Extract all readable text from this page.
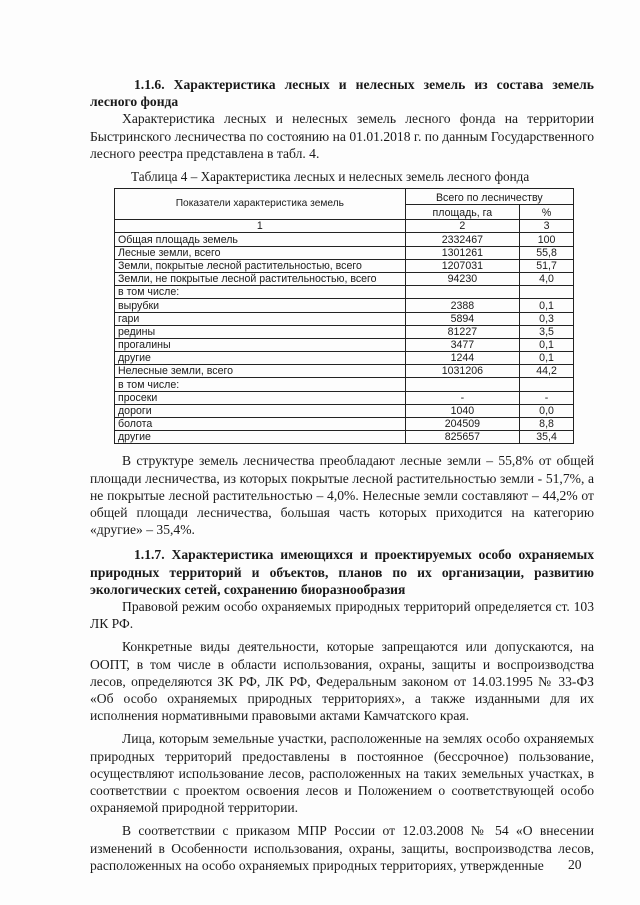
1.1.6. Характеристика лесных и нелесных земель из состава земель лесного фонда

Характеристика лесных и нелесных земель лесного фонда на территории Быстринского лесничества по состоянию на 01.01.2018 г. по данным Государственного лесного реестра представлена в табл. 4.

Таблица 4 – Характеристика лесных и нелесных земель лесного фонда
Показатели характеристика земель	Всего по лесничеству	
	площадь, га	%
1	2	3
Общая площадь земель	2332467	100
Лесные земли, всего	1301261	55,8
Земли, покрытые лесной растительностью, всего	1207031	51,7
Земли, не покрытые лесной растительностью, всего	94230	4,0
в том числе:		
вырубки	2388	0,1
гари	5894	0,3
редины	81227	3,5
прогалины	3477	0,1
другие	1244	0,1
Нелесные земли, всего	1031206	44,2
в том числе:		
просеки	-	-
дороги	1040	0,0
болота	204509	8,8
другие	825657	35,4

В структуре земель лесничества преобладают лесные земли – 55,8% от общей площади лесничества, из которых покрытые лесной растительностью земли - 51,7%, а не покрытые лесной растительностью – 4,0%. Нелесные земли составляют – 44,2% от общей площади лесничества, большая часть которых приходится на категорию «другие» – 35,4%.

1.1.7. Характеристика имеющихся и проектируемых особо охраняемых природных территорий и объектов, планов по их организации, развитию экологических сетей, сохранению биоразнообразия

Правовой режим особо охраняемых природных территорий определяется ст. 103 ЛК РФ.

Конкретные виды деятельности, которые запрещаются или допускаются, на ООПТ, в том числе в области использования, охраны, защиты и воспроизводства лесов, определяются ЗК РФ, ЛК РФ, Федеральным законом от 14.03.1995 № 33-ФЗ «Об особо охраняемых природных территориях», а также изданными для их исполнения нормативными правовыми актами Камчатского края.

Лица, которым земельные участки, расположенные на землях особо охраняемых природных территорий предоставлены в постоянное (бессрочное) пользование, осуществляют использование лесов, расположенных на таких земельных участках, в соответствии с проектом освоения лесов и Положением о соответствующей особо охраняемой природной территории.

В соответствии с приказом МПР России от 12.03.2008 № 54 «О внесении изменений в Особенности использования, охраны, защиты, воспроизводства лесов, расположенных на особо охраняемых природных территориях, утвержденные	20
